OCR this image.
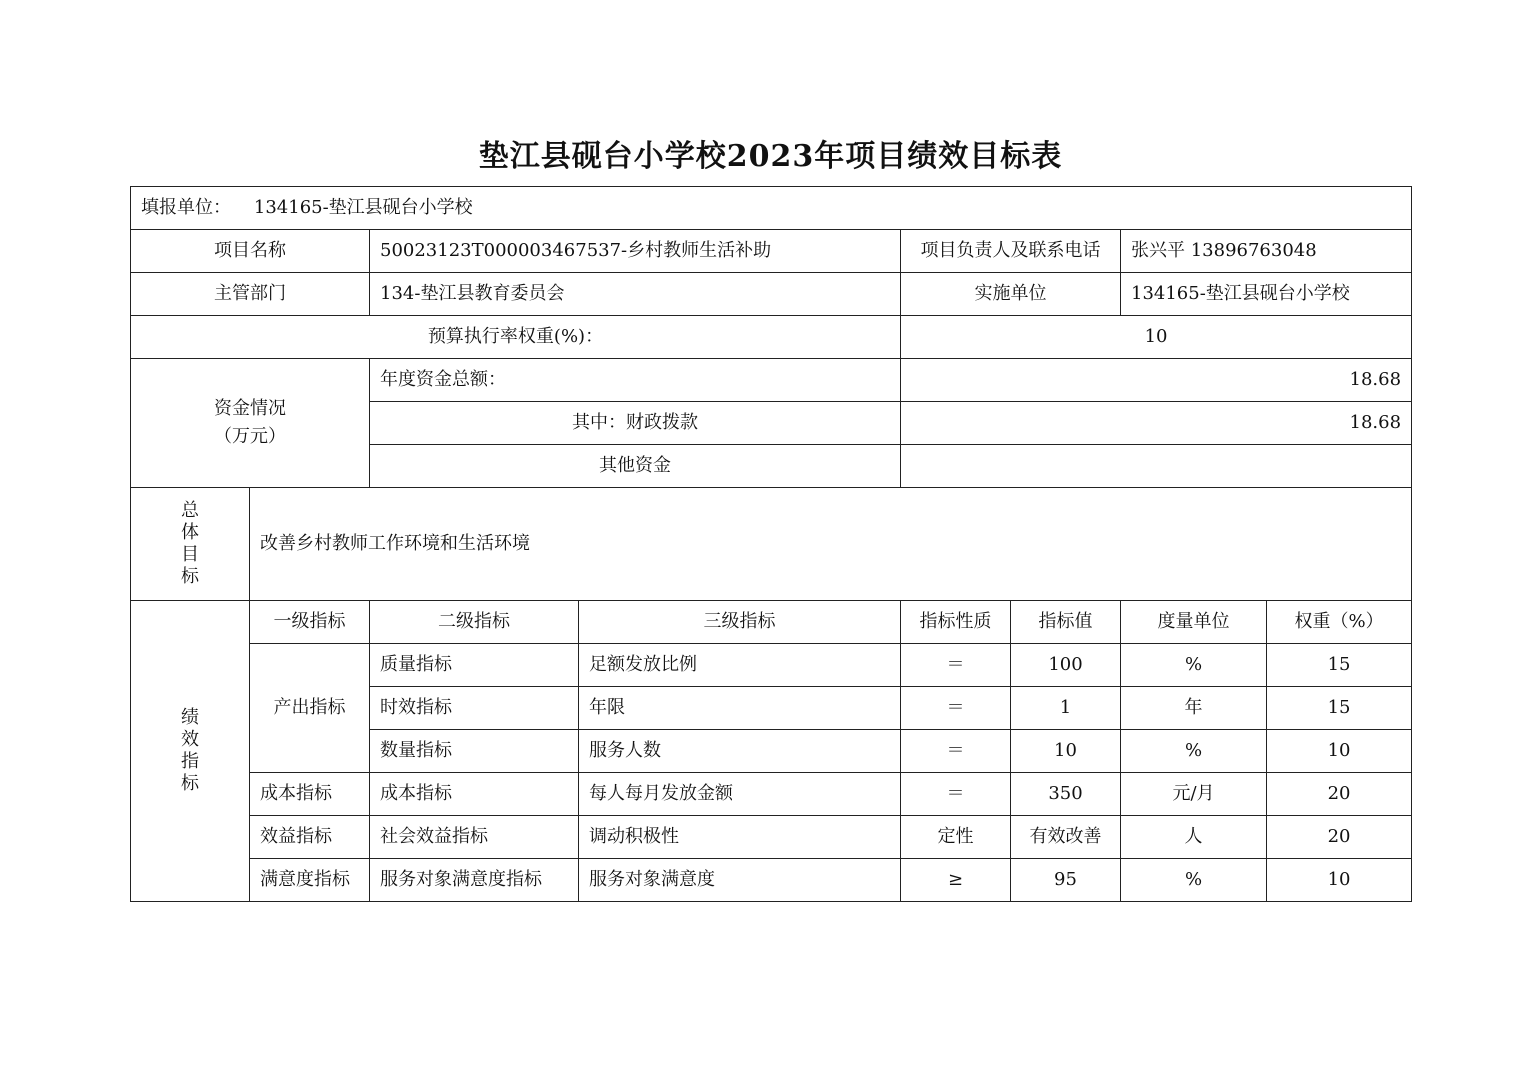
垫江县砚台小学校2023年项目绩效目标表
填报单位： 134165-垫江县砚台小学校							
项目名称		50023123T000003467537-乡村教师生活补助		项目负责人及联系电话		张兴平 13896763048	
主管部门		134-垫江县教育委员会		实施单位		134165-垫江县砚台小学校	
预算执行率权重(%)：				10			

资金情况
（万元）		年度资金总额：		18.68			
		其中：财政拨款		18.68			
		其他资金					

总
体
目
标	改善乡村教师工作环境和生活环境						

绩
效
指
标	一级指标	二级指标	三级指标	指标性质	指标值	度量单位	权重（%）
	产出指标	质量指标	足额发放比例	＝	100	%	15
		时效指标	年限	＝	1	年	15
		数量指标	服务人数	＝	10	%	10
	成本指标	成本指标	每人每月发放金额	＝	350	元/月	20
	效益指标	社会效益指标	调动积极性	定性	有效改善	人	20
	满意度指标	服务对象满意度指标	服务对象满意度	≥	95	%	10
